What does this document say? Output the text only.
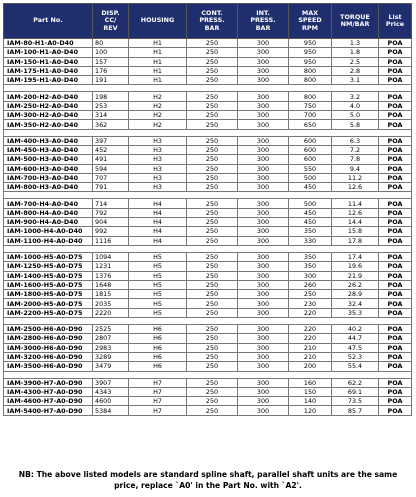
Part No.	DISP.
CC/
REV	HOUSING	CONT.
PRESS.
BAR	INT.
PRESS.
BAR	MAX
SPEED
RPM	TORQUE
NM/BAR	List Price
IAM-80-H1-A0-D40	80	H1	250	300	950	1.3	POA
IAM-100-H1-A0-D40	100	H1	250	300	950	1.8	POA
IAM-150-H1-A0-D40	157	H1	250	300	950	2.5	POA
IAM-175-H1-A0-D40	176	H1	250	300	800	2.8	POA
IAM-195-H1-A0-D40	191	H1	250	300	800	3.1	POA

IAM-200-H2-A0-D40	198	H2	250	300	800	3.2	POA
IAM-250-H2-A0-D40	253	H2	250	300	750	4.0	POA
IAM-300-H2-A0-D40	314	H2	250	300	700	5.0	POA
IAM-350-H2-A0-D40	362	H2	250	300	650	5.8	POA

IAM-400-H3-A0-D40	397	H3	250	300	600	6.3	POA
IAM-450-H3-A0-D40	452	H3	250	300	600	7.2	POA
IAM-500-H3-A0-D40	491	H3	250	300	600	7.8	POA
IAM-600-H3-A0-D40	594	H3	250	300	550	9.4	POA
IAM-700-H3-A0-D40	707	H3	250	300	500	11.2	POA
IAM-800-H3-A0-D40	791	H3	250	300	450	12.6	POA

IAM-700-H4-A0-D40	714	H4	250	300	500	11.4	POA
IAM-800-H4-A0-D40	792	H4	250	300	450	12.6	POA
IAM-900-H4-A0-D40	904	H4	250	300	450	14.4	POA
IAM-1000-H4-A0-D40	992	H4	250	300	350	15.8	POA
IAM-1100-H4-A0-D40	1116	H4	250	300	330	17.8	POA

IAM-1000-H5-A0-D75	1094	H5	250	300	350	17.4	POA
IAM-1250-H5-A0-D75	1231	H5	250	300	350	19.6	POA
IAM-1400-H5-A0-D75	1376	H5	250	300	300	21.9	POA
IAM-1600-H5-A0-D75	1648	H5	250	300	260	26.2	POA
IAM-1800-H5-A0-D75	1815	H5	250	300	250	28.9	POA
IAM-2000-H5-A0-D75	2035	H5	250	300	230	32.4	POA
IAM-2200-H5-A0-D75	2220	H5	250	300	220	35.3	POA

IAM-2500-H6-A0-D90	2525	H6	250	300	220	40.2	POA
IAM-2800-H6-A0-D90	2807	H6	250	300	220	44.7	POA
IAM-3000-H6-A0-D90	2983	H6	250	300	210	47.5	POA
IAM-3200-H6-A0-D90	3289	H6	250	300	210	52.3	POA
IAM-3500-H6-A0-D90	3479	H6	250	300	200	55.4	POA

IAM-3900-H7-A0-D90	3907	H7	250	300	160	62.2	POA
IAM-4300-H7-A0-D90	4343	H7	250	300	150	69.1	POA
IAM-4600-H7-A0-D90	4600	H7	250	300	140	73.5	POA
IAM-5400-H7-A0-D90	5384	H7	250	300	120	85.7	POA
NB: The above listed models are standard spline shaft, parallel shaft units are the same price, replace `A0' in the Part No. with `A2'.
